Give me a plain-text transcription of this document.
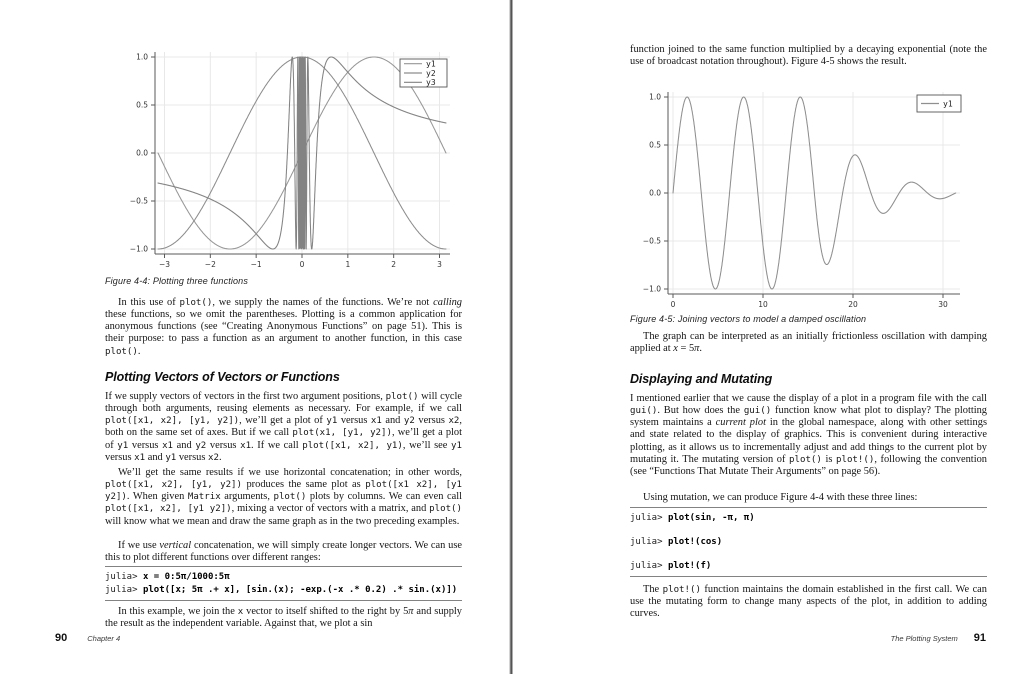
−3	−2	−1	0	1	2	3
1.0
0.5
0.0
−0.5
−1.0
y1
y2
y3
Figure 4-4: Plotting three functions

In this use of plot(), we supply the names of the functions. We’re not calling these functions, so we omit the parentheses. Plotting is a common application for anonymous functions (see “Creating Anonymous Functions” on page 51). This is their purpose: to pass a function as an argument to another function, in this case plot().

Plotting Vectors of Vectors or Functions

If we supply vectors of vectors in the first two argument positions, plot() will cycle through both arguments, reusing elements as necessary. For example, if we call plot([x1, x2], [y1, y2]), we’ll get a plot of y1 versus x1 and y2 versus x2, both on the same set of axes. But if we call plot(x1, [y1, y2]), we’ll get a plot of y1 versus x1 and y2 versus x1. If we call plot([x1, x2], y1), we’ll see y1 versus x1 and y1 versus x2.

We’ll get the same results if we use horizontal concatenation; in other words, plot([x1, x2], [y1, y2]) produces the same plot as plot([x1 x2], [y1 y2]). When given Matrix arguments, plot() plots by columns. We can even call plot([x1, x2], [y1 y2]), mixing a vector of vectors with a matrix, and plot() will know what we mean and draw the same graph as in the two preceding examples.

If we use vertical concatenation, we will simply create longer vectors. We can use this to plot different functions over different ranges:

julia> x = 0:5π/1000:5π
julia> plot([x; 5π .+ x], [sin.(x); -exp.(-x .* 0.2) .* sin.(x)])

In this example, we join the x vector to itself shifted to the right by 5π and supply the result as the independent variable. Against that, we plot a sin

90	Chapter 4

function joined to the same function multiplied by a decaying exponential (note the use of broadcast notation throughout). Figure 4-5 shows the result.

0	10	20	30
1.0
0.5
0.0
−0.5
−1.0
y1
Figure 4-5: Joining vectors to model a damped oscillation

The graph can be interpreted as an initially frictionless oscillation with damping applied at x = 5π.

Displaying and Mutating

I mentioned earlier that we cause the display of a plot in a program file with the call gui(). But how does the gui() function know what plot to display? The plotting system maintains a current plot in the global namespace, along with other settings and state related to the display of graphics. This is convenient during interactive plotting, as it allows us to incrementally adjust and add things to the current plot by mutating it. The mutating version of plot() is plot!(), following the convention (see “Functions That Mutate Their Arguments” on page 56).

Using mutation, we can produce Figure 4-4 with these three lines:

julia> plot(sin, -π, π)
julia> plot!(cos)
julia> plot!(f)

The plot!() function maintains the domain established in the first call. We can use the mutating form to change many aspects of the plot, in addition to adding curves.

The Plotting System 91
